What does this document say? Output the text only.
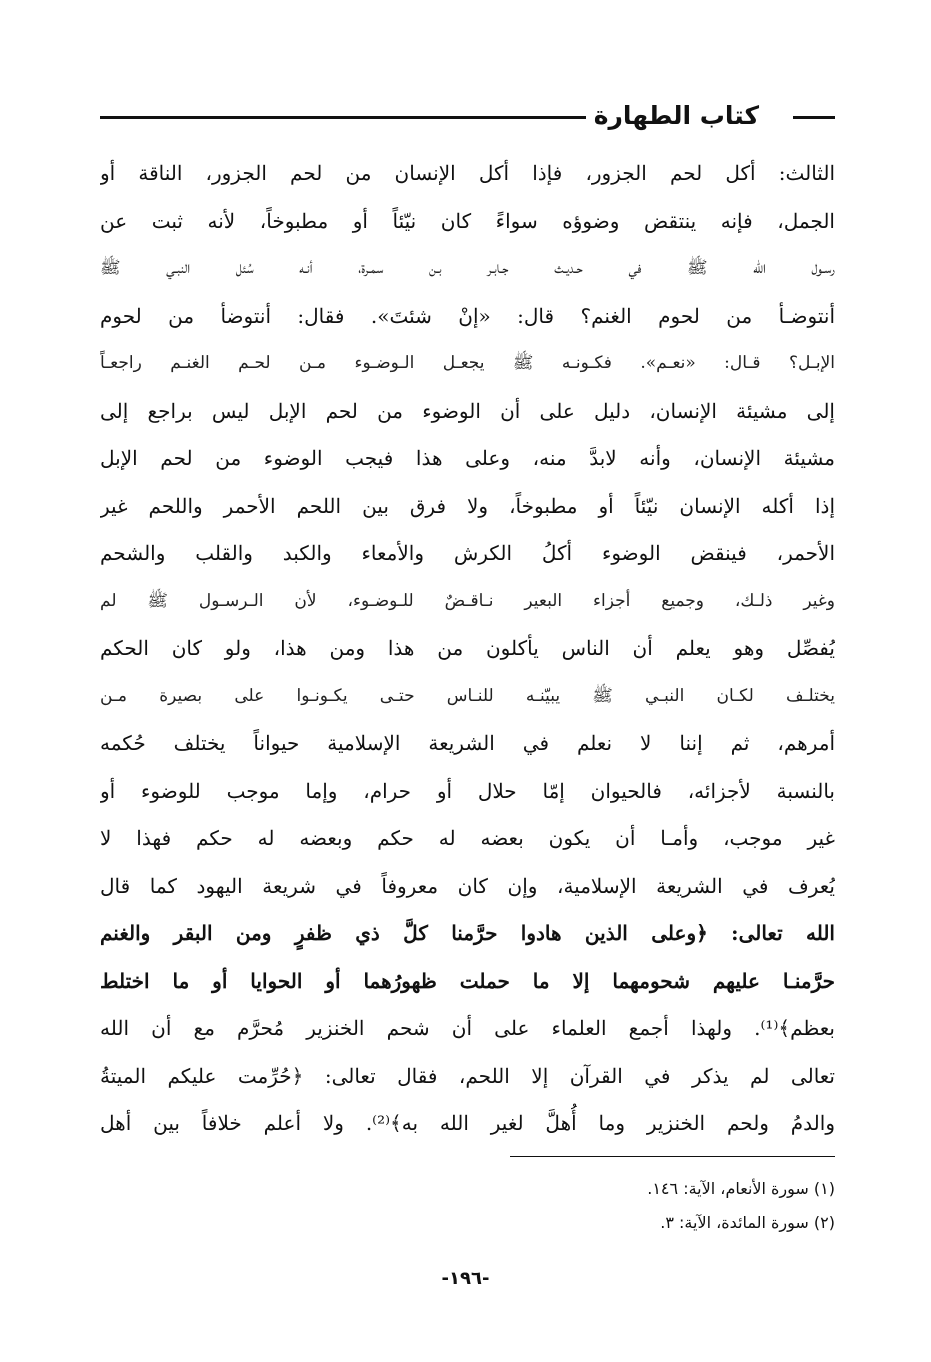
كتاب الطهارة
الثالث: أكل لحم الجزور، فإذا أكل الإنسان من لحم الجزور، الناقة أو
الجمل، فإنه ينتقض وضوؤه سواءً كان نيّئاً أو مطبوخاً، لأنه ثبت عن
رسـول الله ﷺ في حـديـث جـابـر بـن سمـرة، أنـه سُئل النبـي ﷺ
أنتوضـأ من لحوم الغنم؟ قال: «إنْ شئتَ». فقال: أنتوضأ من لحوم
الإبـل؟ قـال: «نعـم». فكـونـه ﷺ يجعـل الـوضـوء مـن لحـم الغنـم راجعـاً
إلى مشيئة الإنسان، دليل على أن الوضوء من لحم الإبل ليس براجع إلى
مشيئة الإنسان، وأنه لابدَّ منه، وعلى هذا فيجب الوضوء من لحم الإبل
إذا أكله الإنسان نيّئاً أو مطبوخاً، ولا فرق بين اللحم الأحمر واللحم غير
الأحمر، فينقض الوضوء أكلُ الكرش والأمعاء والكبد والقلب والشحم
وغير ذلـك، وجميع أجزاء البعير نـاقـضٌ للـوضـوء، لأن الـرسـول ﷺ لم
يُفصِّل وهو يعلم أن الناس يأكلون من هذا ومن هذا، ولو كان الحكم
يختلـف لكـان النبـي ﷺ يبيّنـه للنـاس حتـى يكـونـوا على بصيرة مـن
أمرهم، ثم إننا لا نعلم في الشريعة الإسلامية حيواناً يختلف حُكمه
بالنسبة لأجزائه، فالحيوان إمّا حلال أو حرام، وإما موجب للوضوء أو
غير موجب، وأمـا أن يكون بعضه له حكم وبعضه له حكم فهذا لا
يُعرف في الشريعة الإسلامية، وإن كان معروفاً في شريعة اليهود كما قال
الله تعالى: ﴿وعلى الذين هادوا حرَّمنا كلَّ ذي ظفرٍ ومن البقر والغنم
حرَّمنـا عليهم شحومهما إلا ما حملت ظهورُهما أو الحوايا أو ما اختلط
بعظم﴾⁽¹⁾. ولهذا أجمع العلماء على أن شحم الخنزير مُحرَّم مع أن الله
تعالى لم يذكر في القرآن إلا اللحم، فقال تعالى: ﴿حُرِّمت عليكم الميتةُ
والدمُ ولحم الخنزير وما أُهلَّ لغير الله به﴾⁽²⁾. ولا أعلم خلافاً بين أهل
(١) سورة الأنعام، الآية: ١٤٦.
(٢) سورة المائدة، الآية: ٣.
-١٩٦-
